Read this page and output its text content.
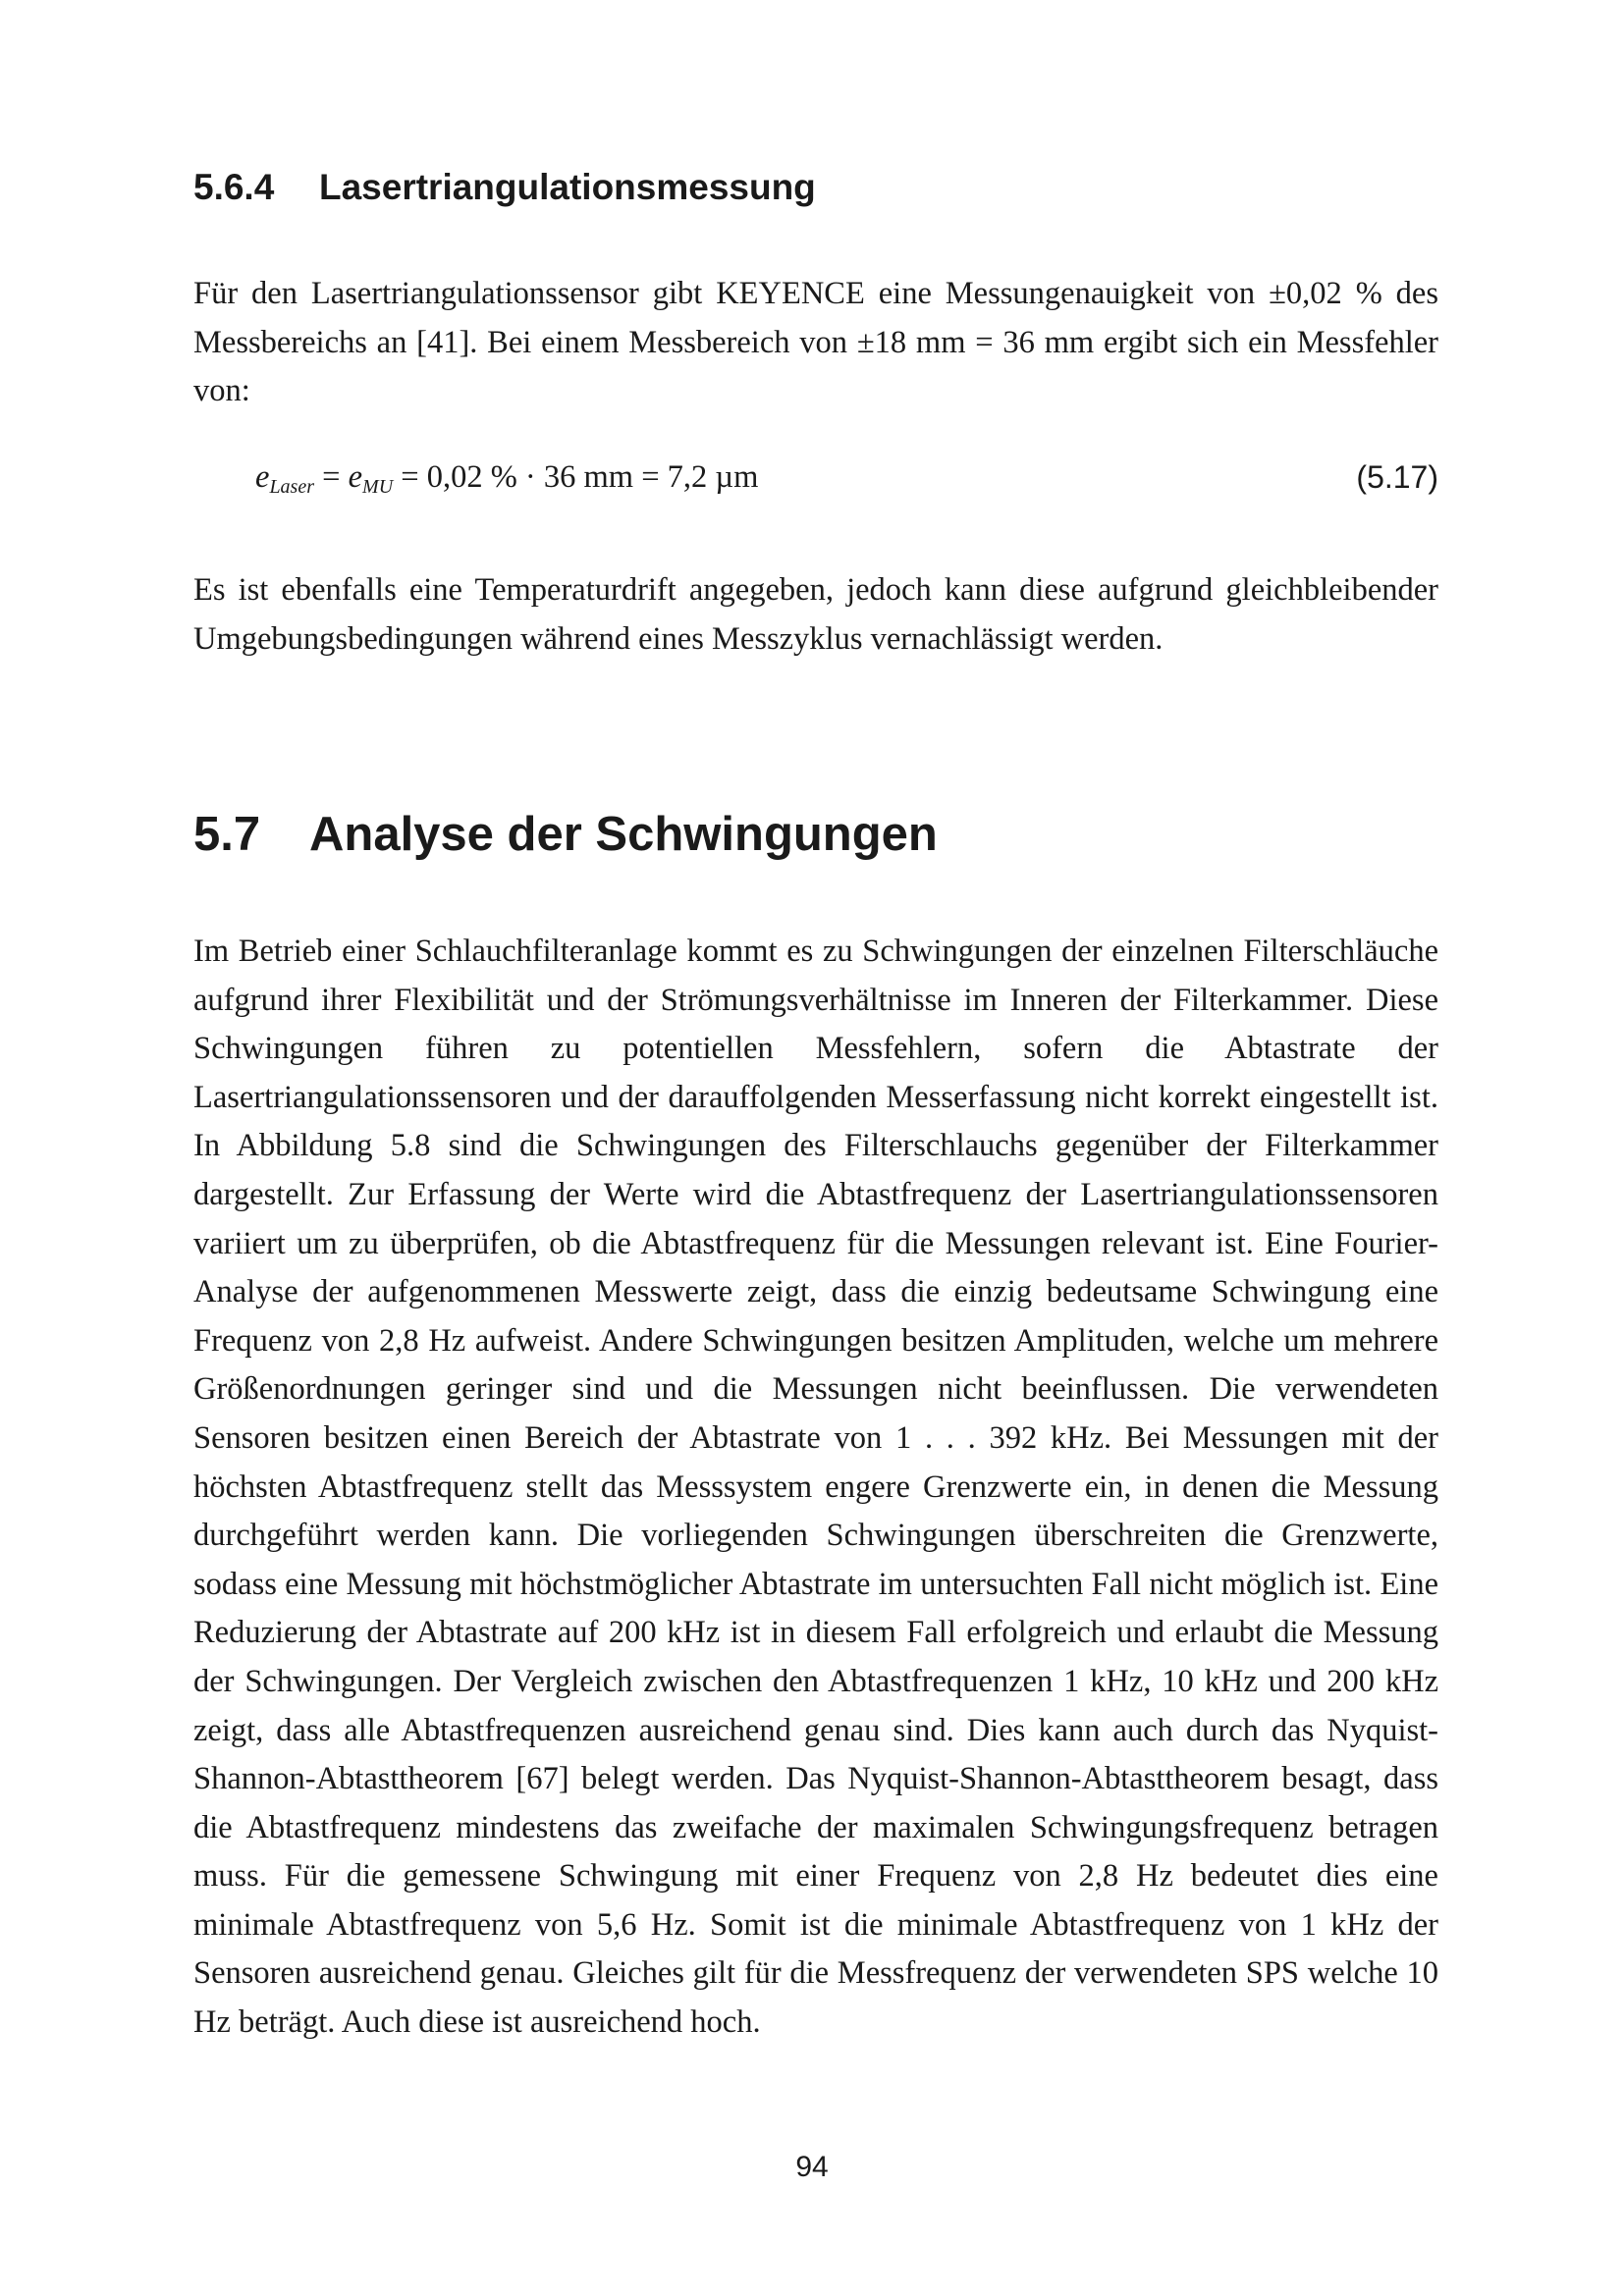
5.6.4 Lasertriangulationsmessung

Für den Lasertriangulationssensor gibt KEYENCE eine Messungenauigkeit von ±0,02 % des Messbereichs an [41]. Bei einem Messbereich von ±18 mm = 36 mm ergibt sich ein Messfehler von:

$e_{Laser} = e_{MU} = 0,02$ % · 36 mm = 7,2 µm	(5.17)

Es ist ebenfalls eine Temperaturdrift angegeben, jedoch kann diese aufgrund gleichbleibender Umgebungsbedingungen während eines Messzyklus vernachlässigt werden.

5.7 Analyse der Schwingungen

Im Betrieb einer Schlauchfilteranlage kommt es zu Schwingungen der einzelnen Filterschläuche aufgrund ihrer Flexibilität und der Strömungsverhältnisse im Inneren der Filterkammer. Diese Schwingungen führen zu potentiellen Messfehlern, sofern die Abtastrate der Lasertriangulationssensoren und der darauffolgenden Messerfassung nicht korrekt eingestellt ist. In Abbildung 5.8 sind die Schwingungen des Filterschlauchs gegenüber der Filterkammer dargestellt. Zur Erfassung der Werte wird die Abtastfrequenz der Lasertriangulationssensoren variiert um zu überprüfen, ob die Abtastfrequenz für die Messungen relevant ist. Eine Fourier-Analyse der aufgenommenen Messwerte zeigt, dass die einzig bedeutsame Schwingung eine Frequenz von 2,8 Hz aufweist. Andere Schwingungen besitzen Amplituden, welche um mehrere Größenordnungen geringer sind und die Messungen nicht beeinflussen. Die verwendeten Sensoren besitzen einen Bereich der Abtastrate von 1 . . . 392 kHz. Bei Messungen mit der höchsten Abtastfrequenz stellt das Messsystem engere Grenzwerte ein, in denen die Messung durchgeführt werden kann. Die vorliegenden Schwingungen überschreiten die Grenzwerte, sodass eine Messung mit höchstmöglicher Abtastrate im untersuchten Fall nicht möglich ist. Eine Reduzierung der Abtastrate auf 200 kHz ist in diesem Fall erfolgreich und erlaubt die Messung der Schwingungen. Der Vergleich zwischen den Abtastfrequenzen 1 kHz, 10 kHz und 200 kHz zeigt, dass alle Abtastfrequenzen ausreichend genau sind. Dies kann auch durch das Nyquist-Shannon-Abtasttheorem [67] belegt werden. Das Nyquist-Shannon-Abtasttheorem besagt, dass die Abtastfrequenz mindestens das zweifache der maximalen Schwingungsfrequenz betragen muss. Für die gemessene Schwingung mit einer Frequenz von 2,8 Hz bedeutet dies eine minimale Abtastfrequenz von 5,6 Hz. Somit ist die minimale Abtastfrequenz von 1 kHz der Sensoren ausreichend genau. Gleiches gilt für die Messfrequenz der verwendeten SPS welche 10 Hz beträgt. Auch diese ist ausreichend hoch.

94
